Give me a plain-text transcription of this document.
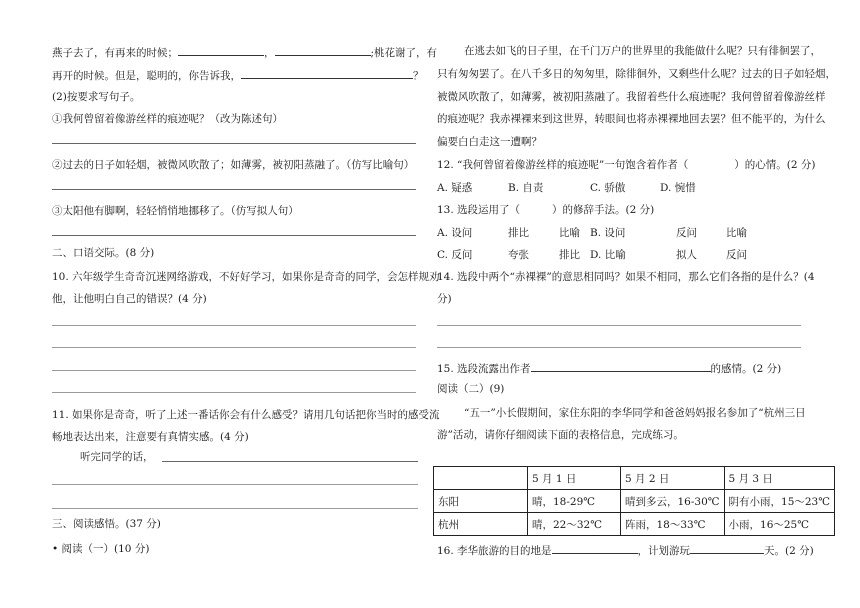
燕子去了，有再来的时候；	，	;桃花谢了，有
再开的时候。但是，聪明的，你告诉我，	？
(2)按要求写句子。
①我何曾留着像游丝样的痕迹呢？（改为陈述句）
②过去的日子如轻烟，被微风吹散了；如薄雾，被初阳蒸融了。（仿写比喻句）
③太阳他有脚啊，轻轻悄悄地挪移了。（仿写拟人句）
二、口语交际。(8 分)
10. 六年级学生奇奇沉迷网络游戏，不好好学习，如果你是奇奇的同学，会怎样规劝
他，让他明白自己的错误？(4 分)
11. 如果你是奇奇，听了上述一番话你会有什么感受？请用几句话把你当时的感受流
畅地表达出来，注意要有真情实感。(4 分)
听完同学的话，
三、阅读感悟。(37 分)
• 阅读（一）(10 分)
在逃去如飞的日子里，在千门万户的世界里的我能做什么呢？只有徘徊罢了，
只有匆匆罢了。在八千多日的匆匆里，除徘徊外，又剩些什么呢？过去的日子如轻烟，
被微风吹散了，如薄雾，被初阳蒸融了。我留着些什么痕迹呢？我何曾留着像游丝样
的痕迹呢？我赤裸裸来到这世界，转眼间也将赤裸裸地回去罢？但不能平的，为什么
偏要白白走这一遭啊？
12. “我何曾留着像游丝样的痕迹呢”一句饱含着作者（	）的心情。(2 分)
A. 疑惑	B. 自责	C. 骄傲	D. 惋惜
13. 选段运用了（	）的修辞手法。(2 分)
A. 设问	排比	比喻 B. 设问	反问	比喻
C. 反问	夸张	排比 D. 比喻	拟人	反问
14. 选段中两个“赤裸裸”的意思相同吗？如果不相同，那么它们各指的是什么？(4
分)
15. 选段流露出作者	的感情。(2 分)
阅读（二）(9)
“五一”小长假期间，家住东阳的李华同学和爸爸妈妈报名参加了“杭州三日
游”活动，请你仔细阅读下面的表格信息，完成练习。
	5 月 1 日	5 月 2 日	5 月 3 日
东阳	晴，18-29℃	晴到多云，16-30℃	阴有小雨，15～23℃
杭州	晴，22～32℃	阵雨，18～33℃	小雨，16～25℃
16. 李华旅游的目的地是	，计划游玩	天。(2 分)
